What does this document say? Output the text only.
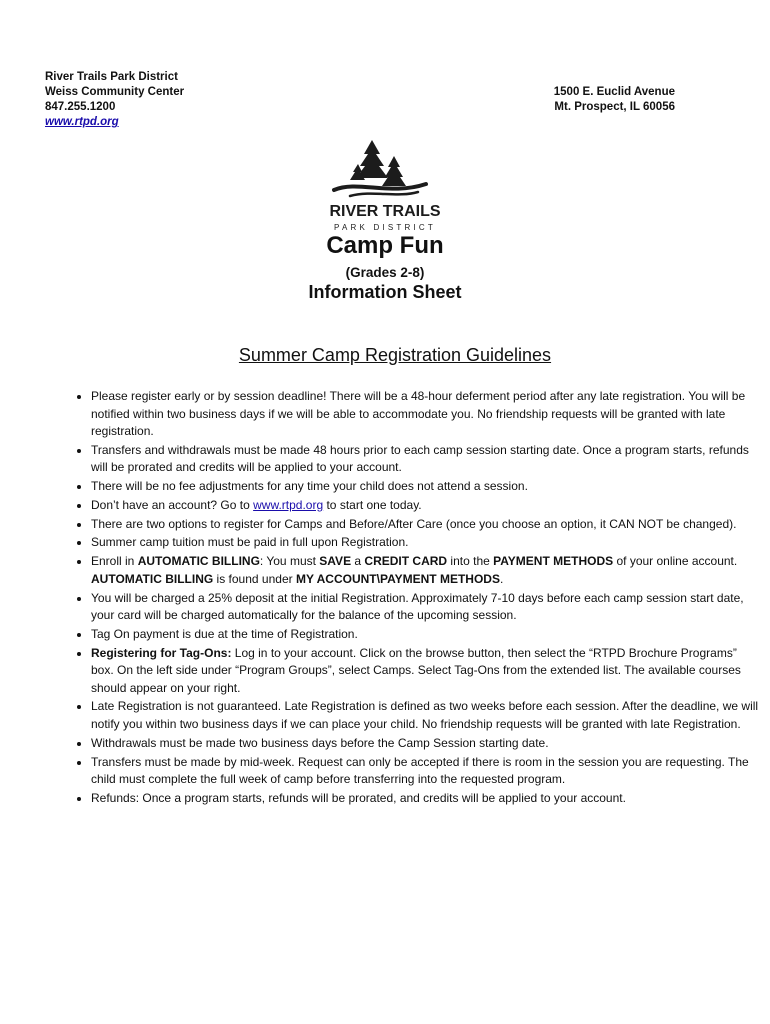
River Trails Park District
Weiss Community Center
847.255.1200
www.rtpd.org
1500 E. Euclid Avenue
Mt. Prospect, IL 60056
RIVER TRAILS
PARK DISTRICT
Camp Fun
(Grades 2-8)
Information Sheet
Summer Camp Registration Guidelines
• Please register early or by session deadline! There will be a 48-hour deferment period after any late registration. You will be notified within two business days if we will be able to accommodate you. No friendship requests will be granted with late registration.
• Transfers and withdrawals must be made 48 hours prior to each camp session starting date. Once a program starts, refunds will be prorated and credits will be applied to your account.
• There will be no fee adjustments for any time your child does not attend a session.
• Don’t have an account? Go to www.rtpd.org to start one today.
• There are two options to register for Camps and Before/After Care (once you choose an option, it CAN NOT be changed).
• Summer camp tuition must be paid in full upon Registration.
• Enroll in AUTOMATIC BILLING: You must SAVE a CREDIT CARD into the PAYMENT METHODS of your online account. AUTOMATIC BILLING is found under MY ACCOUNT\PAYMENT METHODS.
• You will be charged a 25% deposit at the initial Registration. Approximately 7-10 days before each camp session start date, your card will be charged automatically for the balance of the upcoming session.
• Tag On payment is due at the time of Registration.
• Registering for Tag-Ons: Log in to your account. Click on the browse button, then select the “RTPD Brochure Programs” box. On the left side under “Program Groups”, select Camps. Select Tag-Ons from the extended list. The available courses should appear on your right.
• Late Registration is not guaranteed. Late Registration is defined as two weeks before each session. After the deadline, we will notify you within two business days if we can place your child. No friendship requests will be granted with late Registration.
• Withdrawals must be made two business days before the Camp Session starting date.
• Transfers must be made by mid-week. Request can only be accepted if there is room in the session you are requesting. The child must complete the full week of camp before transferring into the requested program.
• Refunds: Once a program starts, refunds will be prorated, and credits will be applied to your account.
